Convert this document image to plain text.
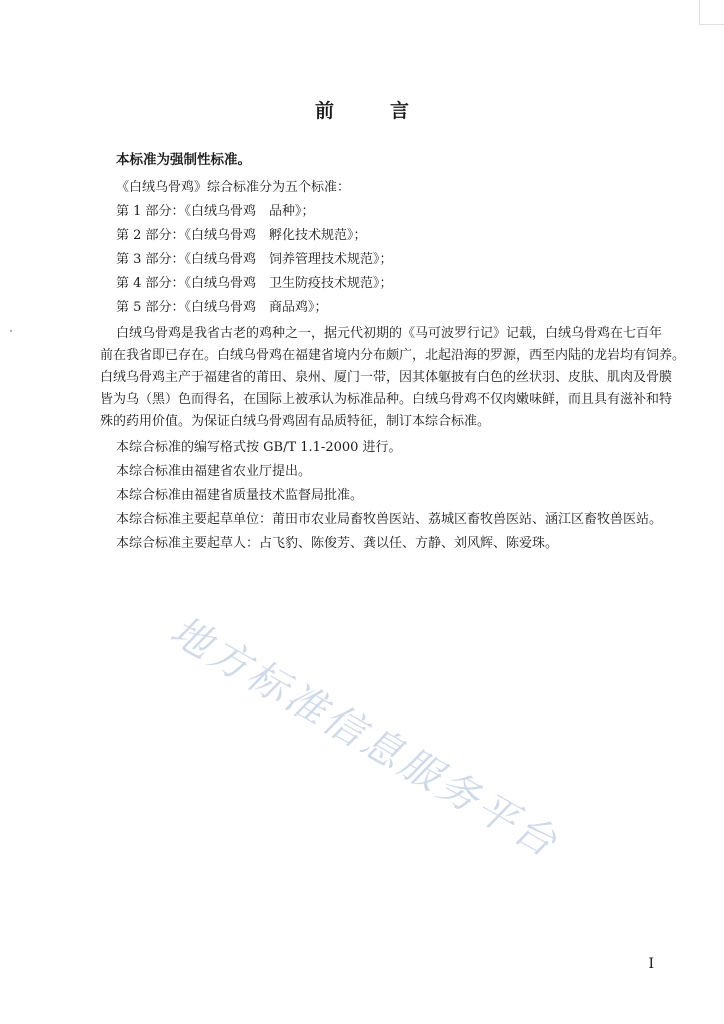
前	言
本标准为强制性标准。
《白绒乌骨鸡》综合标准分为五个标准：
第 1 部分：《白绒乌骨鸡　品种》；
第 2 部分：《白绒乌骨鸡　孵化技术规范》；
第 3 部分：《白绒乌骨鸡　饲养管理技术规范》；
第 4 部分：《白绒乌骨鸡　卫生防疫技术规范》；
第 5 部分：《白绒乌骨鸡　商品鸡》；
白绒乌骨鸡是我省古老的鸡种之一，据元代初期的《马可波罗行记》记载，白绒乌骨鸡在七百年
前在我省即已存在。白绒乌骨鸡在福建省境内分布颇广，北起沿海的罗源，西至内陆的龙岩均有饲养。
白绒乌骨鸡主产于福建省的莆田、泉州、厦门一带，因其体躯披有白色的丝状羽、皮肤、肌肉及骨膜
皆为乌（黑）色而得名，在国际上被承认为标准品种。白绒乌骨鸡不仅肉嫩味鲜，而且具有滋补和特
殊的药用价值。为保证白绒乌骨鸡固有品质特征，制订本综合标准。
本综合标准的编写格式按 GB/T 1.1-2000 进行。
本综合标准由福建省农业厅提出。
本综合标准由福建省质量技术监督局批准。
本综合标准主要起草单位：莆田市农业局畜牧兽医站、荔城区畜牧兽医站、涵江区畜牧兽医站。
本综合标准主要起草人：占飞豹、陈俊芳、龚以任、方静、刘风辉、陈爱珠。
地方标准信息服务平台
I
